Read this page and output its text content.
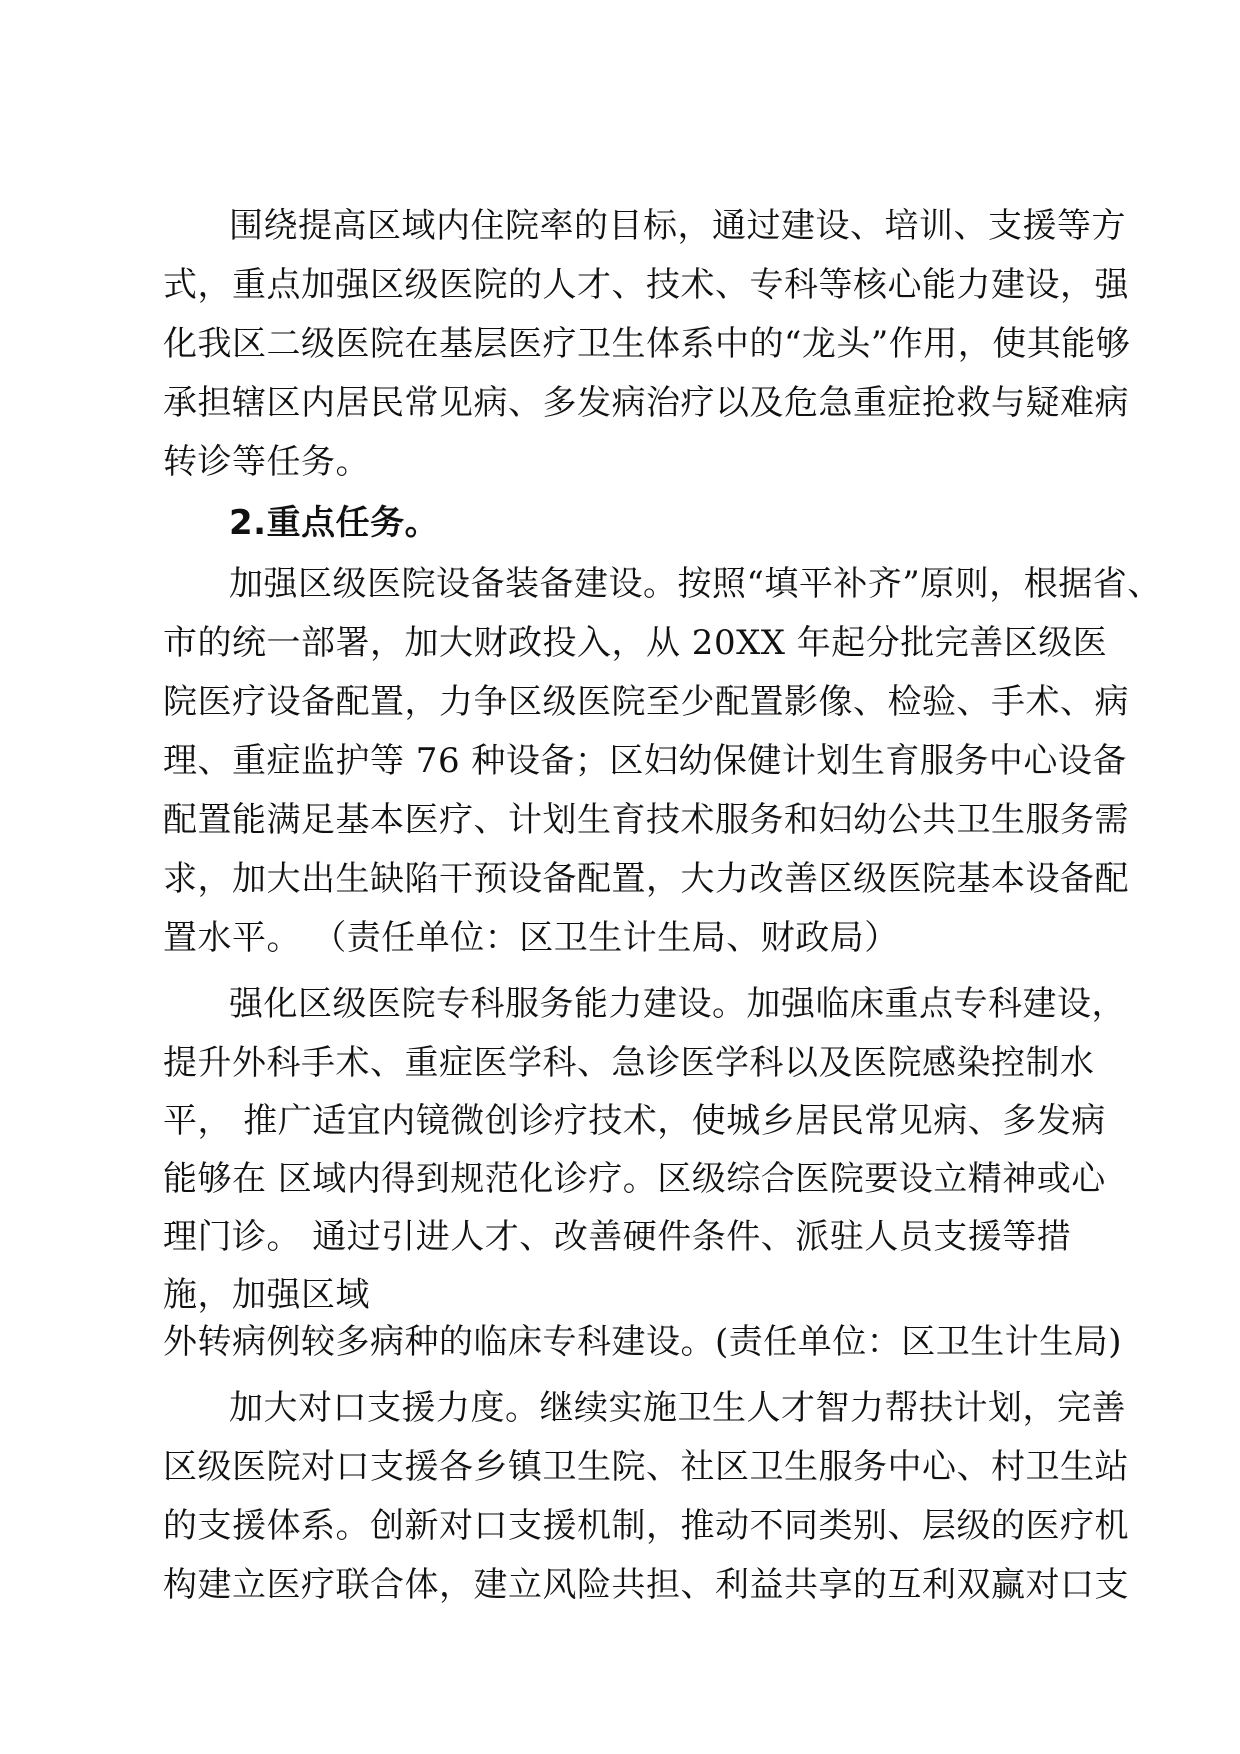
围绕提高区域内住院率的目标，通过建设、培训、支援等方
式，重点加强区级医院的人才、技术、专科等核心能力建设，强
化我区二级医院在基层医疗卫生体系中的“龙头”作用，使其能够
承担辖区内居民常见病、多发病治疗以及危急重症抢救与疑难病
转诊等任务。
2.重点任务。
加强区级医院设备装备建设。按照“填平补齐”原则，根据省、
市的统一部署，加大财政投入，从 20XX 年起分批完善区级医
院医疗设备配置，力争区级医院至少配置影像、检验、手术、病
理、重症监护等 76 种设备；区妇幼保健计划生育服务中心设备
配置能满足基本医疗、计划生育技术服务和妇幼公共卫生服务需
求，加大出生缺陷干预设备配置，大力改善区级医院基本设备配
置水平。 （责任单位：区卫生计生局、财政局）
强化区级医院专科服务能力建设。加强临床重点专科建设，
提升外科手术、重症医学科、急诊医学科以及医院感染控制水
平， 推广适宜内镜微创诊疗技术，使城乡居民常见病、多发病
能够在 区域内得到规范化诊疗。区级综合医院要设立精神或心
理门诊。 通过引进人才、改善硬件条件、派驻人员支援等措
施，加强区域
外转病例较多病种的临床专科建设。(责任单位：区卫生计生局)
加大对口支援力度。继续实施卫生人才智力帮扶计划，完善
区级医院对口支援各乡镇卫生院、社区卫生服务中心、村卫生站
的支援体系。创新对口支援机制，推动不同类别、层级的医疗机
构建立医疗联合体，建立风险共担、利益共享的互利双赢对口支
